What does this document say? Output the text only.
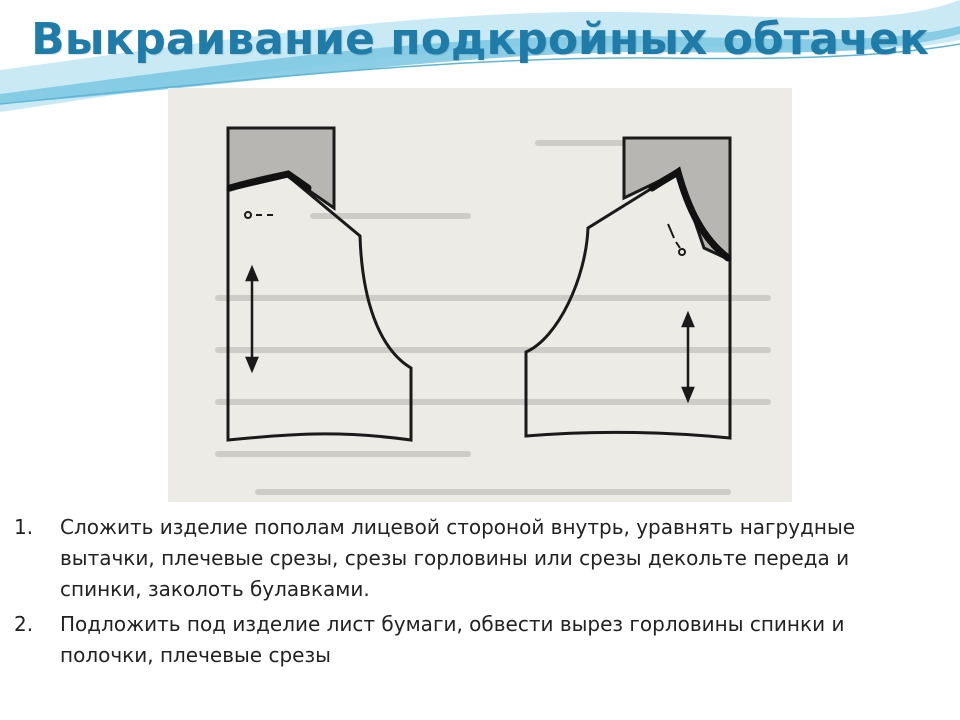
Выкраивание подкройных обтачек
1. Сложить изделие пополам лицевой стороной внутрь, уравнять нагрудные вытачки, плечевые срезы, срезы горловины или срезы декольте переда и спинки, заколоть булавками.
2. Подложить под изделие лист бумаги, обвести вырез горловины спинки и полочки, плечевые срезы
